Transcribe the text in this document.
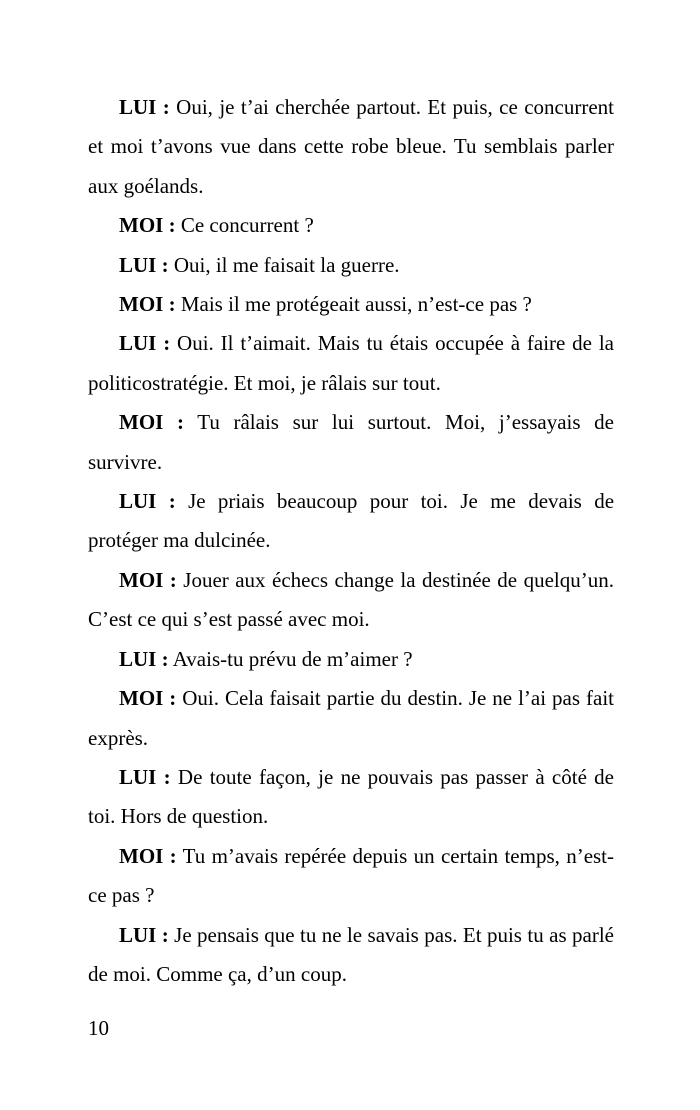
LUI : Oui, je t’ai cherchée partout. Et puis, ce concurrent et moi t’avons vue dans cette robe bleue. Tu semblais parler aux goélands.

MOI : Ce concurrent ?

LUI : Oui, il me faisait la guerre.

MOI : Mais il me protégeait aussi, n’est-ce pas ?

LUI : Oui. Il t’aimait. Mais tu étais occupée à faire de la politicostratégie. Et moi, je râlais sur tout.

MOI : Tu râlais sur lui surtout. Moi, j’essayais de survivre.

LUI : Je priais beaucoup pour toi. Je me devais de protéger ma dulcinée.

MOI : Jouer aux échecs change la destinée de quelqu’un. C’est ce qui s’est passé avec moi.

LUI : Avais-tu prévu de m’aimer ?

MOI : Oui. Cela faisait partie du destin. Je ne l’ai pas fait exprès.

LUI : De toute façon, je ne pouvais pas passer à côté de toi. Hors de question.

MOI : Tu m’avais repérée depuis un certain temps, n’est-ce pas ?

LUI : Je pensais que tu ne le savais pas. Et puis tu as parlé de moi. Comme ça, d’un coup.

10
